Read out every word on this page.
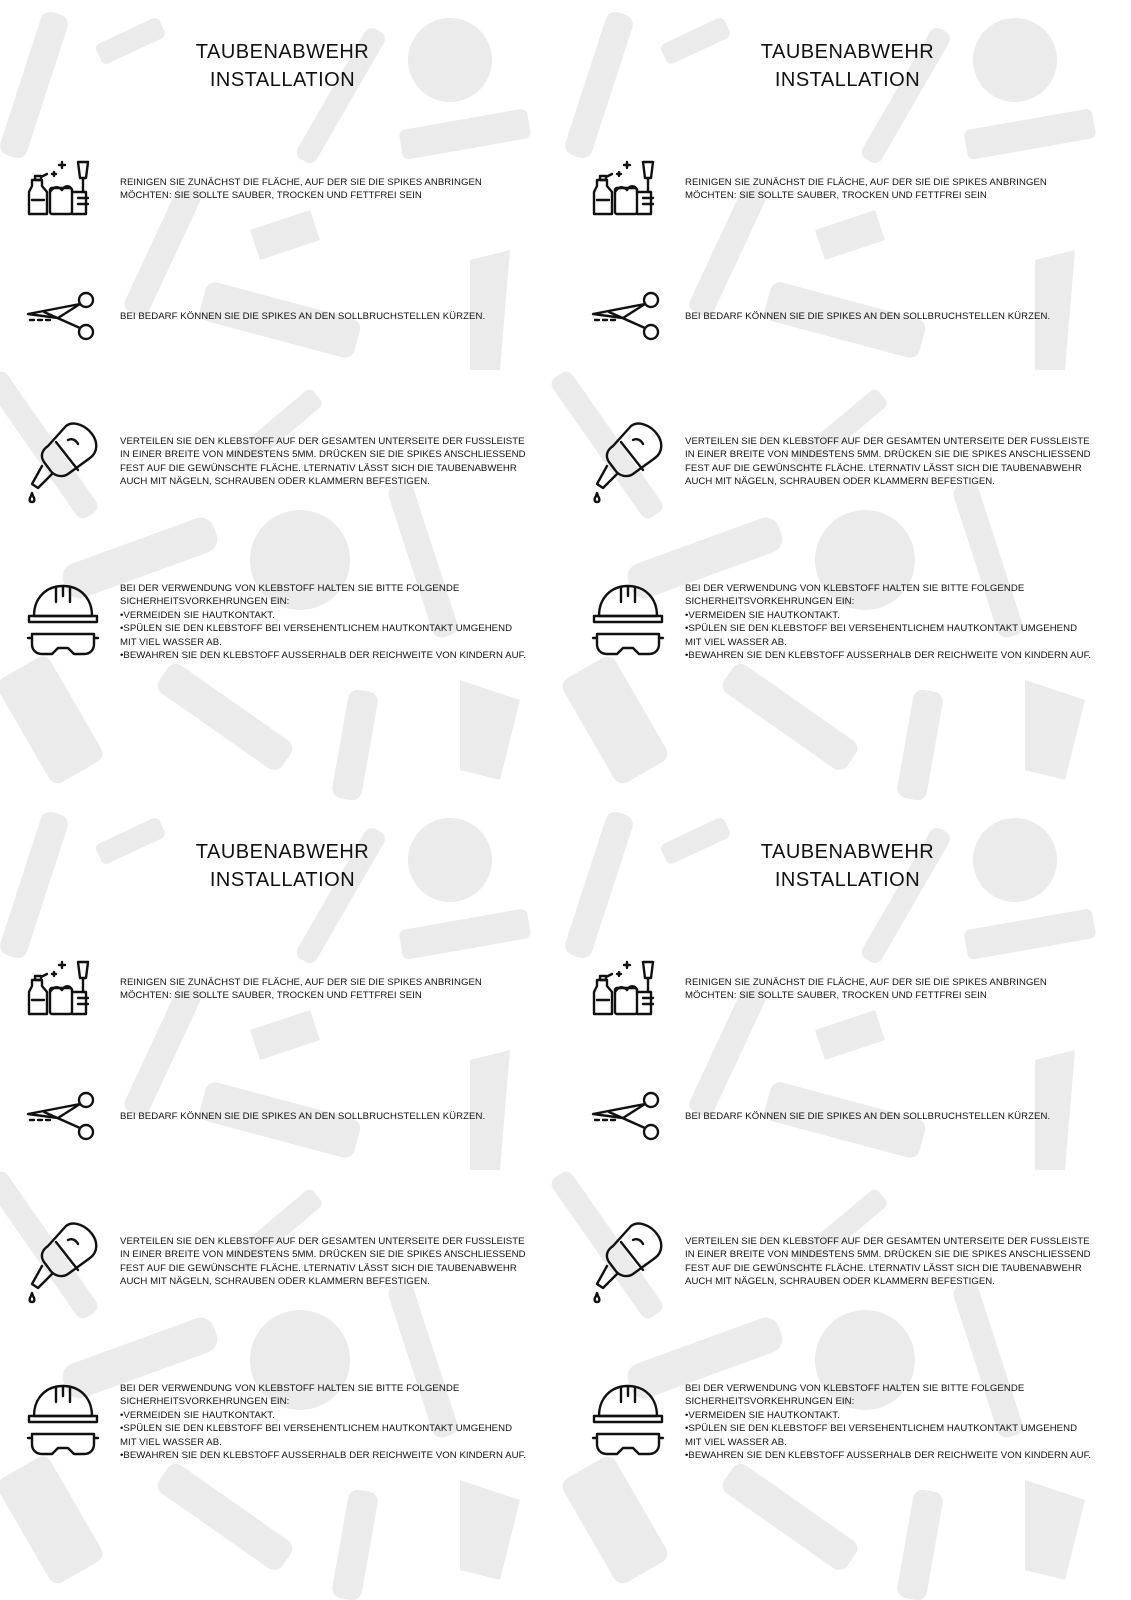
TAUBENABWEHR
INSTALLATION
REINIGEN SIE ZUNÄCHST DIE FLÄCHE, AUF DER SIE DIE SPIKES ANBRINGEN
MÖCHTEN: SIE SOLLTE SAUBER, TROCKEN UND FETTFREI SEIN
BEI BEDARF KÖNNEN SIE DIE SPIKES AN DEN SOLLBRUCHSTELLEN KÜRZEN.
VERTEILEN SIE DEN KLEBSTOFF AUF DER GESAMTEN UNTERSEITE DER FUSSLEISTE
IN EINER BREITE VON MINDESTENS 5MM. DRÜCKEN SIE DIE SPIKES ANSCHLIESSEND
FEST AUF DIE GEWÜNSCHTE FLÄCHE. LTERNATIV LÄSST SICH DIE TAUBENABWEHR
AUCH MIT NÄGELN, SCHRAUBEN ODER KLAMMERN BEFESTIGEN.
BEI DER VERWENDUNG VON KLEBSTOFF HALTEN SIE BITTE FOLGENDE
SICHERHEITSVORKEHRUNGEN EIN:
•VERMEIDEN SIE HAUTKONTAKT.
•SPÜLEN SIE DEN KLEBSTOFF BEI VERSEHENTLICHEM HAUTKONTAKT UMGEHEND
MIT VIEL WASSER AB.
•BEWAHREN SIE DEN KLEBSTOFF AUSSERHALB DER REICHWEITE VON KINDERN AUF.
TAUBENABWEHR
INSTALLATION
REINIGEN SIE ZUNÄCHST DIE FLÄCHE, AUF DER SIE DIE SPIKES ANBRINGEN
MÖCHTEN: SIE SOLLTE SAUBER, TROCKEN UND FETTFREI SEIN
BEI BEDARF KÖNNEN SIE DIE SPIKES AN DEN SOLLBRUCHSTELLEN KÜRZEN.
VERTEILEN SIE DEN KLEBSTOFF AUF DER GESAMTEN UNTERSEITE DER FUSSLEISTE
IN EINER BREITE VON MINDESTENS 5MM. DRÜCKEN SIE DIE SPIKES ANSCHLIESSEND
FEST AUF DIE GEWÜNSCHTE FLÄCHE. LTERNATIV LÄSST SICH DIE TAUBENABWEHR
AUCH MIT NÄGELN, SCHRAUBEN ODER KLAMMERN BEFESTIGEN.
BEI DER VERWENDUNG VON KLEBSTOFF HALTEN SIE BITTE FOLGENDE
SICHERHEITSVORKEHRUNGEN EIN:
•VERMEIDEN SIE HAUTKONTAKT.
•SPÜLEN SIE DEN KLEBSTOFF BEI VERSEHENTLICHEM HAUTKONTAKT UMGEHEND
MIT VIEL WASSER AB.
•BEWAHREN SIE DEN KLEBSTOFF AUSSERHALB DER REICHWEITE VON KINDERN AUF.
TAUBENABWEHR
INSTALLATION
REINIGEN SIE ZUNÄCHST DIE FLÄCHE, AUF DER SIE DIE SPIKES ANBRINGEN
MÖCHTEN: SIE SOLLTE SAUBER, TROCKEN UND FETTFREI SEIN
BEI BEDARF KÖNNEN SIE DIE SPIKES AN DEN SOLLBRUCHSTELLEN KÜRZEN.
VERTEILEN SIE DEN KLEBSTOFF AUF DER GESAMTEN UNTERSEITE DER FUSSLEISTE
IN EINER BREITE VON MINDESTENS 5MM. DRÜCKEN SIE DIE SPIKES ANSCHLIESSEND
FEST AUF DIE GEWÜNSCHTE FLÄCHE. LTERNATIV LÄSST SICH DIE TAUBENABWEHR
AUCH MIT NÄGELN, SCHRAUBEN ODER KLAMMERN BEFESTIGEN.
BEI DER VERWENDUNG VON KLEBSTOFF HALTEN SIE BITTE FOLGENDE
SICHERHEITSVORKEHRUNGEN EIN:
•VERMEIDEN SIE HAUTKONTAKT.
•SPÜLEN SIE DEN KLEBSTOFF BEI VERSEHENTLICHEM HAUTKONTAKT UMGEHEND
MIT VIEL WASSER AB.
•BEWAHREN SIE DEN KLEBSTOFF AUSSERHALB DER REICHWEITE VON KINDERN AUF.
TAUBENABWEHR
INSTALLATION
REINIGEN SIE ZUNÄCHST DIE FLÄCHE, AUF DER SIE DIE SPIKES ANBRINGEN
MÖCHTEN: SIE SOLLTE SAUBER, TROCKEN UND FETTFREI SEIN
BEI BEDARF KÖNNEN SIE DIE SPIKES AN DEN SOLLBRUCHSTELLEN KÜRZEN.
VERTEILEN SIE DEN KLEBSTOFF AUF DER GESAMTEN UNTERSEITE DER FUSSLEISTE
IN EINER BREITE VON MINDESTENS 5MM. DRÜCKEN SIE DIE SPIKES ANSCHLIESSEND
FEST AUF DIE GEWÜNSCHTE FLÄCHE. LTERNATIV LÄSST SICH DIE TAUBENABWEHR
AUCH MIT NÄGELN, SCHRAUBEN ODER KLAMMERN BEFESTIGEN.
BEI DER VERWENDUNG VON KLEBSTOFF HALTEN SIE BITTE FOLGENDE
SICHERHEITSVORKEHRUNGEN EIN:
•VERMEIDEN SIE HAUTKONTAKT.
•SPÜLEN SIE DEN KLEBSTOFF BEI VERSEHENTLICHEM HAUTKONTAKT UMGEHEND
MIT VIEL WASSER AB.
•BEWAHREN SIE DEN KLEBSTOFF AUSSERHALB DER REICHWEITE VON KINDERN AUF.
